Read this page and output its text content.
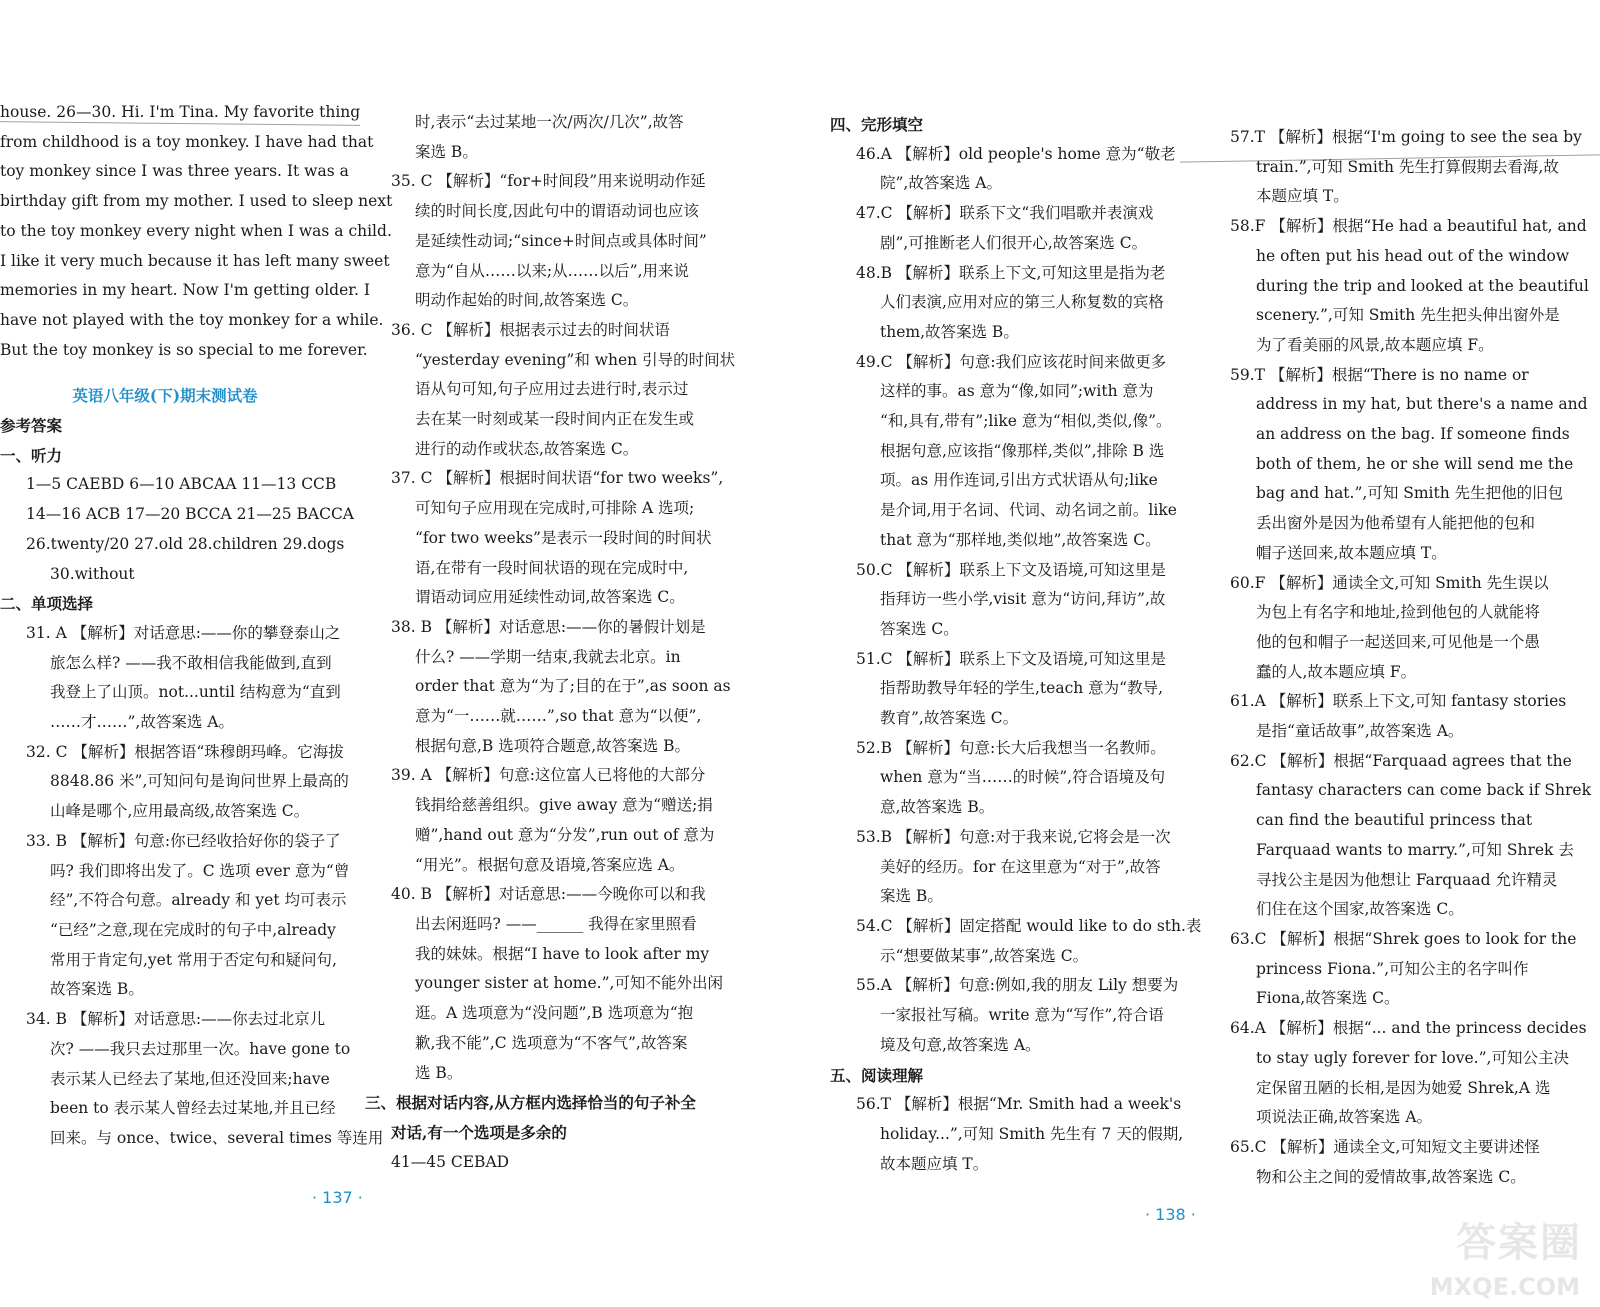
house. 26—30. Hi. I'm Tina. My favorite thing
from childhood is a toy monkey. I have had that
toy monkey since I was three years. It was a
birthday gift from my mother. I used to sleep next
to the toy monkey every night when I was a child.
I like it very much because it has left many sweet
memories in my heart. Now I'm getting older. I
have not played with the toy monkey for a while.
But the toy monkey is so special to me forever.
英语八年级(下)期末测试卷
参考答案
一、听力
1—5 CAEBD 6—10 ABCAA 11—13 CCB
14—16 ACB 17—20 BCCA 21—25 BACCA
26.twenty/20 27.old 28.children 29.dogs
30.without
二、单项选择
31. A 【解析】对话意思:——你的攀登泰山之
旅怎么样? ——我不敢相信我能做到,直到
我登上了山顶。not...until 结构意为“直到
……才……”,故答案选 A。
32. C 【解析】根据答语“珠穆朗玛峰。它海拔
8848.86 米”,可知问句是询问世界上最高的
山峰是哪个,应用最高级,故答案选 C。
33. B 【解析】句意:你已经收拾好你的袋子了
吗? 我们即将出发了。C 选项 ever 意为“曾
经”,不符合句意。already 和 yet 均可表示
“已经”之意,现在完成时的句子中,already
常用于肯定句,yet 常用于否定句和疑问句,
故答案选 B。
34. B 【解析】对话意思:——你去过北京儿
次? ——我只去过那里一次。have gone to
表示某人已经去了某地,但还没回来;have
been to 表示某人曾经去过某地,并且已经
回来。与 once、twice、several times 等连用
时,表示“去过某地一次/两次/几次”,故答
案选 B。
35. C 【解析】“for+时间段”用来说明动作延
续的时间长度,因此句中的谓语动词也应该
是延续性动词;“since+时间点或具体时间”
意为“自从……以来;从……以后”,用来说
明动作起始的时间,故答案选 C。
36. C 【解析】根据表示过去的时间状语
“yesterday evening”和 when 引导的时间状
语从句可知,句子应用过去进行时,表示过
去在某一时刻或某一段时间内正在发生或
进行的动作或状态,故答案选 C。
37. C 【解析】根据时间状语“for two weeks”,
可知句子应用现在完成时,可排除 A 选项;
“for two weeks”是表示一段时间的时间状
语,在带有一段时间状语的现在完成时中,
谓语动词应用延续性动词,故答案选 C。
38. B 【解析】对话意思:——你的暑假计划是
什么? ——学期一结束,我就去北京。in
order that 意为“为了;目的在于”,as soon as
意为“一……就……”,so that 意为“以便”,
根据句意,B 选项符合题意,故答案选 B。
39. A 【解析】句意:这位富人已将他的大部分
钱捐给慈善组织。give away 意为“赠送;捐
赠”,hand out 意为“分发”,run out of 意为
“用光”。根据句意及语境,答案应选 A。
40. B 【解析】对话意思:——今晚你可以和我
出去闲逛吗? ——______ 我得在家里照看
我的妹妹。根据“I have to look after my
younger sister at home.”,可知不能外出闲
逛。A 选项意为“没问题”,B 选项意为“抱
歉,我不能”,C 选项意为“不客气”,故答案
选 B。
三、根据对话内容,从方框内选择恰当的句子补全
对话,有一个选项是多余的
41—45 CEBAD
四、完形填空
46.A 【解析】old people's home 意为“敬老
院”,故答案选 A。
47.C 【解析】联系下文“我们唱歌并表演戏
剧”,可推断老人们很开心,故答案选 C。
48.B 【解析】联系上下文,可知这里是指为老
人们表演,应用对应的第三人称复数的宾格
them,故答案选 B。
49.C 【解析】句意:我们应该花时间来做更多
这样的事。as 意为“像,如同”;with 意为
“和,具有,带有”;like 意为“相似,类似,像”。
根据句意,应该指“像那样,类似”,排除 B 选
项。as 用作连词,引出方式状语从句;like
是介词,用于名词、代词、动名词之前。like
that 意为“那样地,类似地”,故答案选 C。
50.C 【解析】联系上下文及语境,可知这里是
指拜访一些小学,visit 意为“访问,拜访”,故
答案选 C。
51.C 【解析】联系上下文及语境,可知这里是
指帮助教导年轻的学生,teach 意为“教导,
教育”,故答案选 C。
52.B 【解析】句意:长大后我想当一名教师。
when 意为“当……的时候”,符合语境及句
意,故答案选 B。
53.B 【解析】句意:对于我来说,它将会是一次
美好的经历。for 在这里意为“对于”,故答
案选 B。
54.C 【解析】固定搭配 would like to do sth.表
示“想要做某事”,故答案选 C。
55.A 【解析】句意:例如,我的朋友 Lily 想要为
一家报社写稿。write 意为“写作”,符合语
境及句意,故答案选 A。
五、阅读理解
56.T 【解析】根据“Mr. Smith had a week's
holiday...”,可知 Smith 先生有 7 天的假期,
故本题应填 T。
57.T 【解析】根据“I'm going to see the sea by
train.”,可知 Smith 先生打算假期去看海,故
本题应填 T。
58.F 【解析】根据“He had a beautiful hat, and
he often put his head out of the window
during the trip and looked at the beautiful
scenery.”,可知 Smith 先生把头伸出窗外是
为了看美丽的风景,故本题应填 F。
59.T 【解析】根据“There is no name or
address in my hat, but there's a name and
an address on the bag. If someone finds
both of them, he or she will send me the
bag and hat.”,可知 Smith 先生把他的旧包
丢出窗外是因为他希望有人能把他的包和
帽子送回来,故本题应填 T。
60.F 【解析】通读全文,可知 Smith 先生误以
为包上有名字和地址,捡到他包的人就能将
他的包和帽子一起送回来,可见他是一个愚
蠢的人,故本题应填 F。
61.A 【解析】联系上下文,可知 fantasy stories
是指“童话故事”,故答案选 A。
62.C 【解析】根据“Farquaad agrees that the
fantasy characters can come back if Shrek
can find the beautiful princess that
Farquaad wants to marry.”,可知 Shrek 去
寻找公主是因为他想让 Farquaad 允许精灵
们住在这个国家,故答案选 C。
63.C 【解析】根据“Shrek goes to look for the
princess Fiona.”,可知公主的名字叫作
Fiona,故答案选 C。
64.A 【解析】根据“... and the princess decides
to stay ugly forever for love.”,可知公主决
定保留丑陋的长相,是因为她爱 Shrek,A 选
项说法正确,故答案选 A。
65.C 【解析】通读全文,可知短文主要讲述怪
物和公主之间的爱情故事,故答案选 C。
· 137 ·
· 138 ·
答案圈
MXQE.COM
